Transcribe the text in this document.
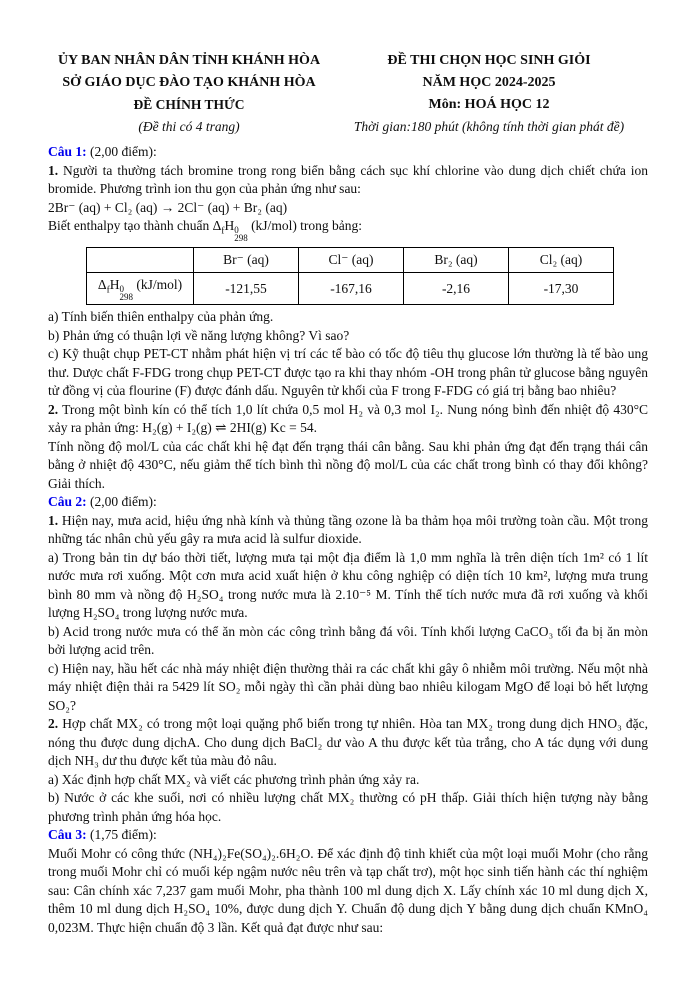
ỦY BAN NHÂN DÂN TỈNH KHÁNH HÒA
SỞ GIÁO DỤC ĐÀO TẠO KHÁNH HÒA
ĐỀ CHÍNH THỨC
(Đề thi có 4 trang)
ĐỀ THI CHỌN HỌC SINH GIỎI
NĂM HỌC 2024-2025
Môn: HOÁ HỌC 12
Thời gian:180 phút (không tính thời gian phát đề)

Câu 1: (2,00 điểm):

1. Người ta thường tách bromine trong rong biển bằng cách sục khí chlorine vào dung dịch chiết chứa ion bromide. Phương trình ion thu gọn của phản ứng như sau:

2Br⁻ (aq) + Cl₂ (aq) → 2Cl⁻ (aq) + Br₂ (aq)

Biết enthalpy tạo thành chuẩn $\Delta_fH$ 0
298
(kJ/mol) trong bảng:

	Br⁻ (aq)	Cl⁻ (aq)	Br₂ (aq)	Cl₂ (aq)
$\Delta_fH$ 0
298
(kJ/mol)	-121,55	-167,16	-2,16	-17,30

a) Tính biến thiên enthalpy của phản ứng.

b) Phản ứng có thuận lợi về năng lượng không? Vì sao?

c) Kỹ thuật chụp PET-CT nhằm phát hiện vị trí các tế bào có tốc độ tiêu thụ glucose lớn thường là tế bào ung thư. Dược chất F-FDG trong chụp PET-CT được tạo ra khi thay nhóm -OH trong phân tử glucose bằng nguyên tử đồng vị của flourine (F) được đánh dấu. Nguyên tử khối của F trong F-FDG có giá trị bằng bao nhiêu?

2. Trong một bình kín có thể tích 1,0 lít chứa 0,5 mol H₂ và 0,3 mol I₂. Nung nóng bình đến nhiệt độ 430°C xảy ra phản ứng: H₂(g) + I₂(g) ⇌ 2HI(g) Kc = 54.

Tính nồng độ mol/L của các chất khi hệ đạt đến trạng thái cân bằng. Sau khi phản ứng đạt đến trạng thái cân bằng ở nhiệt độ 430°C, nếu giảm thể tích bình thì nồng độ mol/L của các chất trong bình có thay đổi không? Giải thích.

Câu 2: (2,00 điểm):

1. Hiện nay, mưa acid, hiệu ứng nhà kính và thủng tầng ozone là ba thảm họa môi trường toàn cầu. Một trong những tác nhân chủ yếu gây ra mưa acid là sulfur dioxide.

a) Trong bản tin dự báo thời tiết, lượng mưa tại một địa điểm là 1,0 mm nghĩa là trên diện tích 1m² có 1 lít nước mưa rơi xuống. Một cơn mưa acid xuất hiện ở khu công nghiệp có diện tích 10 km², lượng mưa trung bình 80 mm và nồng độ H₂SO₄ trong nước mưa là 2.10⁻⁵ M. Tính thể tích nước mưa đã rơi xuống và khối lượng H₂SO₄ trong lượng nước mưa.

b) Acid trong nước mưa có thể ăn mòn các công trình bằng đá vôi. Tính khối lượng CaCO₃ tối đa bị ăn mòn bởi lượng acid trên.

c) Hiện nay, hầu hết các nhà máy nhiệt điện thường thải ra các chất khi gây ô nhiễm môi trường. Nếu một nhà máy nhiệt điện thải ra 5429 lít SO₂ mỗi ngày thì cần phải dùng bao nhiêu kilogam MgO để loại bỏ hết lượng SO₂?

2. Hợp chất MX₂ có trong một loại quặng phổ biến trong tự nhiên. Hòa tan MX₂ trong dung dịch HNO₃ đặc, nóng thu được dung dịchA. Cho dung dịch BaCl₂ dư vào A thu được kết tủa trắng, cho A tác dụng với dung dịch NH₃ dư thu được kết tủa màu đỏ nâu.

a) Xác định hợp chất MX₂ và viết các phương trình phản ứng xảy ra.

b) Nước ở các khe suối, nơi có nhiều lượng chất MX₂ thường có pH thấp. Giải thích hiện tượng này bằng phương trình phản ứng hóa học.

Câu 3: (1,75 điểm):

Muối Mohr có công thức (NH₄)₂Fe(SO₄)₂.6H₂O. Để xác định độ tinh khiết của một loại muối Mohr (cho rằng trong muối Mohr chỉ có muối kép ngậm nước nêu trên và tạp chất trơ), một học sinh tiến hành các thí nghiệm sau: Cân chính xác 7,237 gam muối Mohr, pha thành 100 ml dung dịch X. Lấy chính xác 10 ml dung dịch X, thêm 10 ml dung dịch H₂SO₄ 10%, được dung dịch Y. Chuẩn độ dung dịch Y bằng dung dịch chuẩn KMnO₄ 0,023M. Thực hiện chuẩn độ 3 lần. Kết quả đạt được như sau:
